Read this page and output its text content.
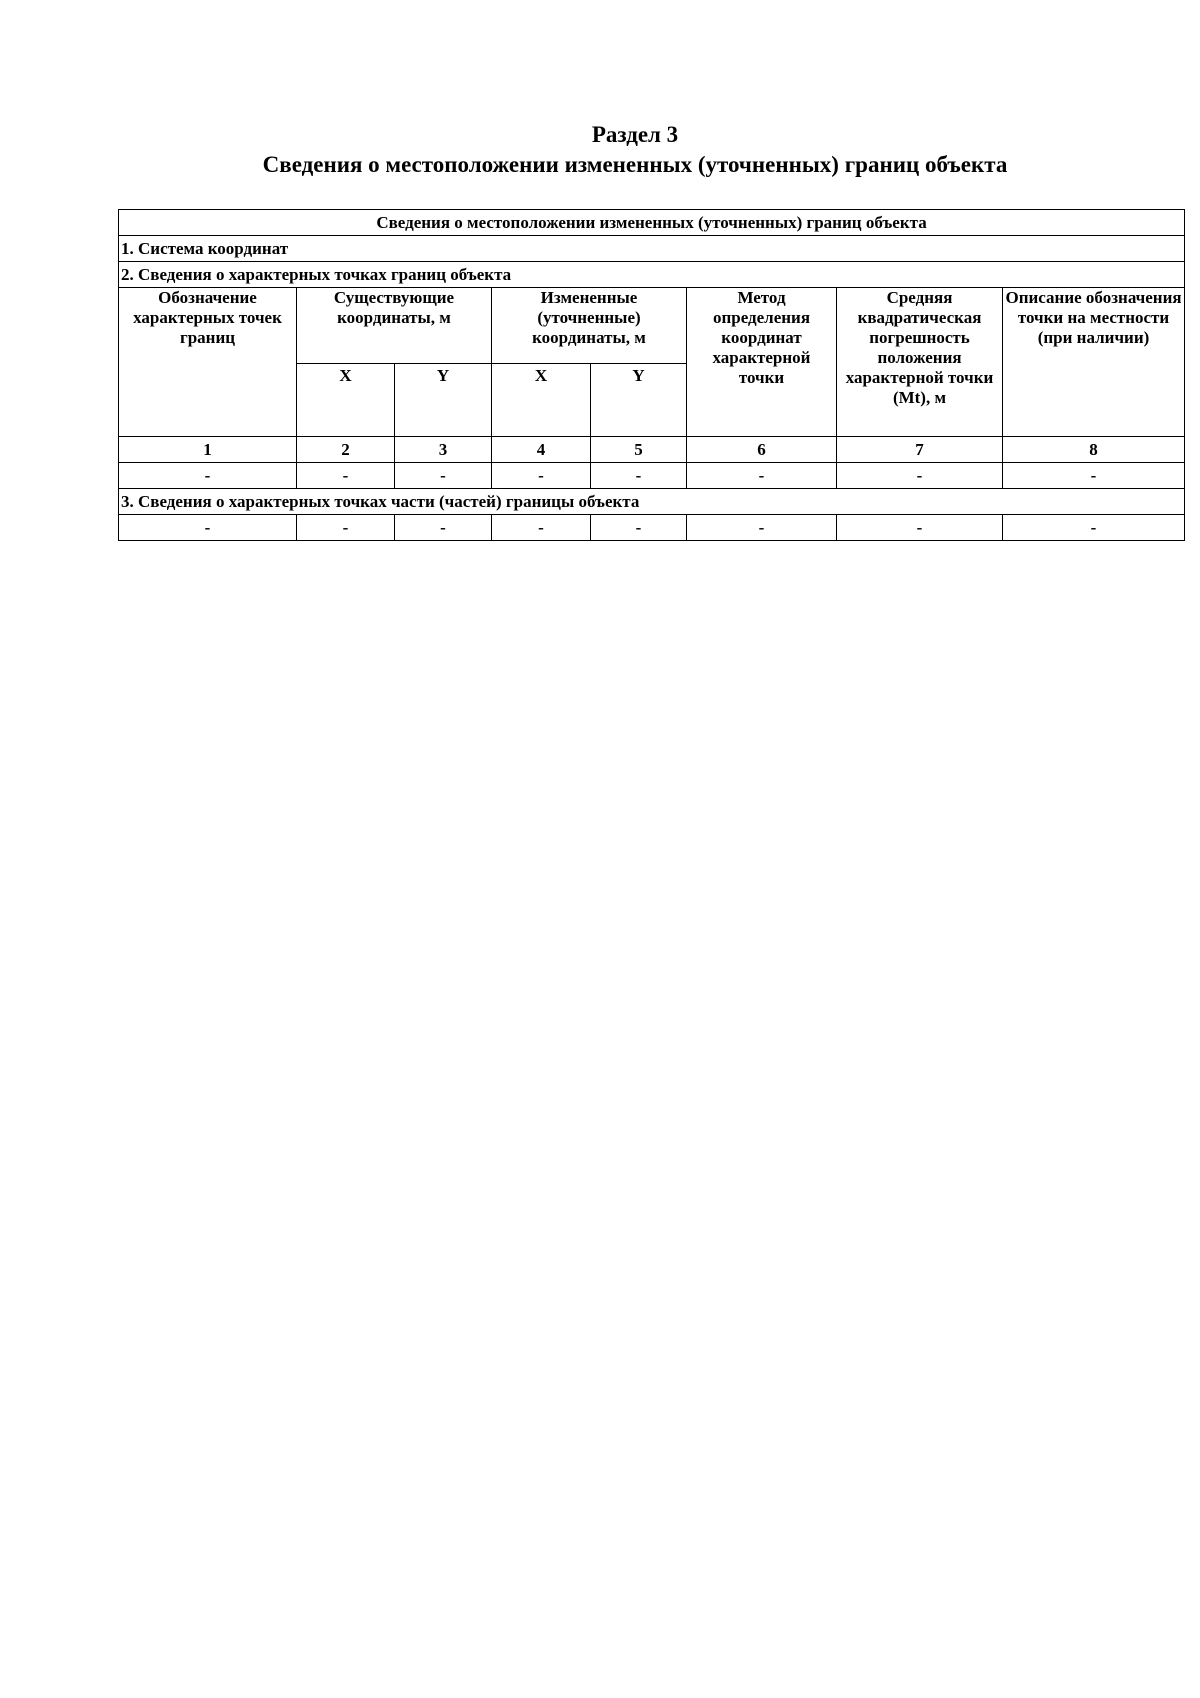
Раздел 3
Сведения о местоположении измененных (уточненных) границ объекта
Сведения о местоположении измененных (уточненных) границ объекта							
1. Система координат							
2. Сведения о характерных точках границ объекта							
Обозначение характерных точек границ	Существующие координаты, м		Измененные (уточненные) координаты, м		Метод определения координат характерной точки	Средняя квадратическая погрешность положения характерной точки (Mt), м	Описание обозначения точки на местности (при наличии)
	X	Y	X	Y			
1	2	3	4	5	6	7	8
-	-	-	-	-	-	-	-
3. Сведения о характерных точках части (частей) границы объекта							
-	-	-	-	-	-	-	-
